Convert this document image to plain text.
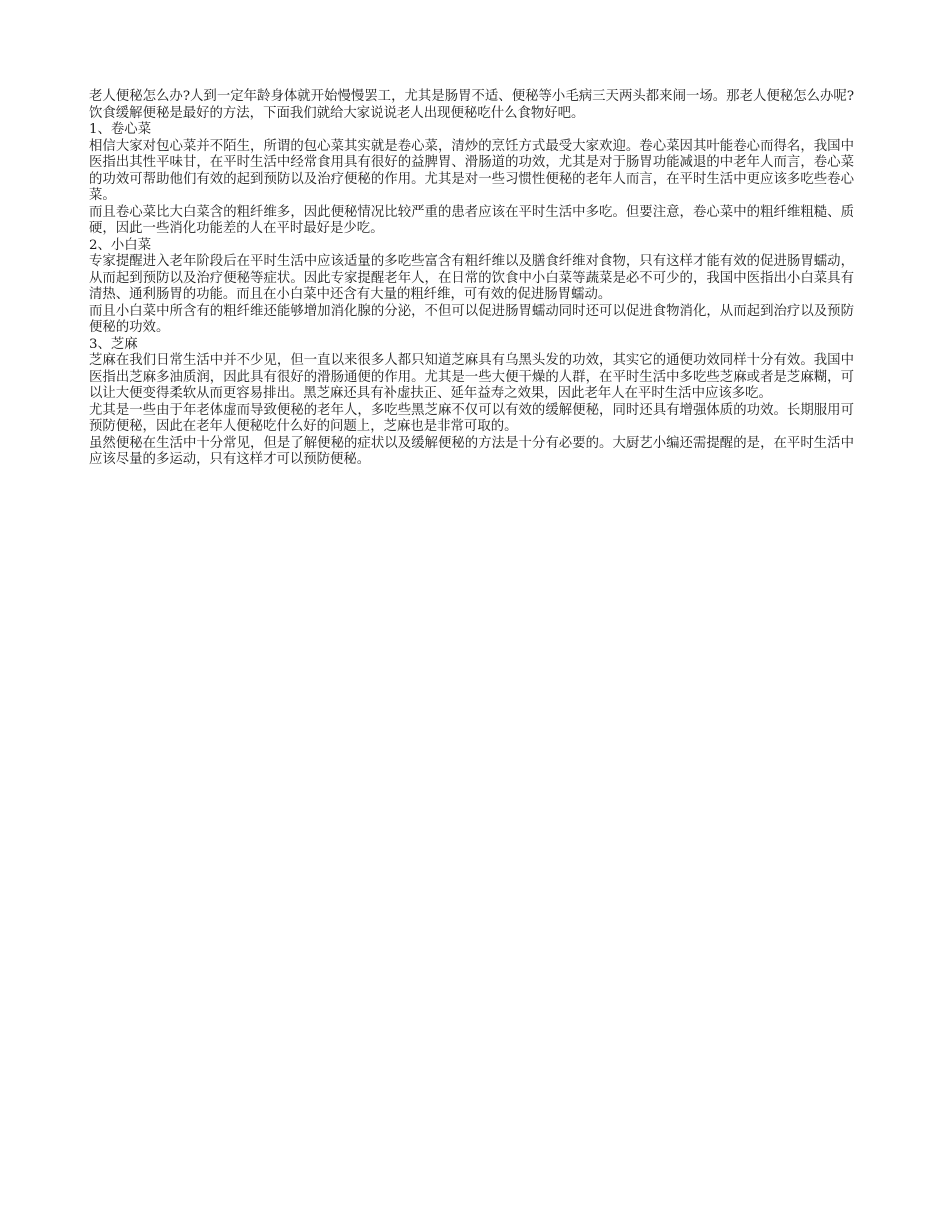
老人便秘怎么办?人到一定年龄身体就开始慢慢罢工，尤其是肠胃不适、便秘等小毛病三天两头都来闹一场。那老人便秘怎么办呢?饮食缓解便秘是最好的方法，下面我们就给大家说说老人出现便秘吃什么食物好吧。

1、卷心菜

相信大家对包心菜并不陌生，所谓的包心菜其实就是卷心菜，清炒的烹饪方式最受大家欢迎。卷心菜因其叶能卷心而得名，我国中医指出其性平味甘，在平时生活中经常食用具有很好的益脾胃、滑肠道的功效，尤其是对于肠胃功能减退的中老年人而言，卷心菜的功效可帮助他们有效的起到预防以及治疗便秘的作用。尤其是对一些习惯性便秘的老年人而言，在平时生活中更应该多吃些卷心菜。

而且卷心菜比大白菜含的粗纤维多，因此便秘情况比较严重的患者应该在平时生活中多吃。但要注意，卷心菜中的粗纤维粗糙、质硬，因此一些消化功能差的人在平时最好是少吃。

2、小白菜

专家提醒进入老年阶段后在平时生活中应该适量的多吃些富含有粗纤维以及膳食纤维对食物，只有这样才能有效的促进肠胃蠕动，从而起到预防以及治疗便秘等症状。因此专家提醒老年人，在日常的饮食中小白菜等蔬菜是必不可少的，我国中医指出小白菜具有清热、通利肠胃的功能。而且在小白菜中还含有大量的粗纤维，可有效的促进肠胃蠕动。

而且小白菜中所含有的粗纤维还能够增加消化腺的分泌，不但可以促进肠胃蠕动同时还可以促进食物消化，从而起到治疗以及预防便秘的功效。

3、芝麻

芝麻在我们日常生活中并不少见，但一直以来很多人都只知道芝麻具有乌黑头发的功效，其实它的通便功效同样十分有效。我国中医指出芝麻多油质润，因此具有很好的滑肠通便的作用。尤其是一些大便干燥的人群，在平时生活中多吃些芝麻或者是芝麻糊，可以让大便变得柔软从而更容易排出。黑芝麻还具有补虚扶正、延年益寿之效果，因此老年人在平时生活中应该多吃。

尤其是一些由于年老体虚而导致便秘的老年人，多吃些黑芝麻不仅可以有效的缓解便秘，同时还具有增强体质的功效。长期服用可预防便秘，因此在老年人便秘吃什么好的问题上，芝麻也是非常可取的。

虽然便秘在生活中十分常见，但是了解便秘的症状以及缓解便秘的方法是十分有必要的。大厨艺小编还需提醒的是，在平时生活中应该尽量的多运动，只有这样才可以预防便秘。
